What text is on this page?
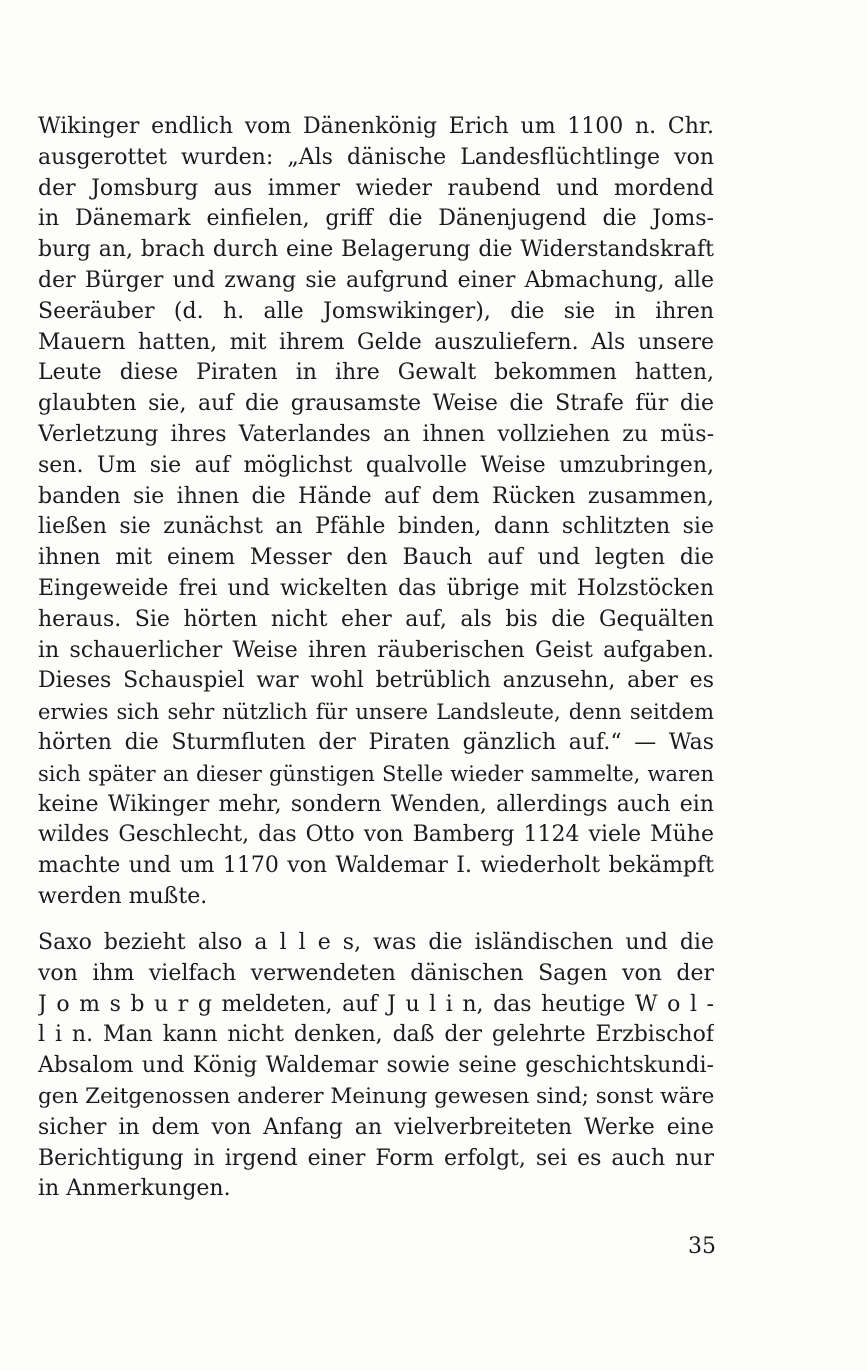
Wikinger endlich vom Dänenkönig Erich um 1100 n. Chr.
ausgerottet wurden: „Als dänische Landesflüchtlinge von
der Jomsburg aus immer wieder raubend und mordend
in Dänemark einfielen, griff die Dänenjugend die Joms-
burg an, brach durch eine Belagerung die Widerstandskraft
der Bürger und zwang sie aufgrund einer Abmachung, alle
Seeräuber (d. h. alle Jomswikinger), die sie in ihren
Mauern hatten, mit ihrem Gelde auszuliefern. Als unsere
Leute diese Piraten in ihre Gewalt bekommen hatten,
glaubten sie, auf die grausamste Weise die Strafe für die
Verletzung ihres Vaterlandes an ihnen vollziehen zu müs-
sen. Um sie auf möglichst qualvolle Weise umzubringen,
banden sie ihnen die Hände auf dem Rücken zusammen,
ließen sie zunächst an Pfähle binden, dann schlitzten sie
ihnen mit einem Messer den Bauch auf und legten die
Eingeweide frei und wickelten das übrige mit Holzstöcken
heraus. Sie hörten nicht eher auf, als bis die Gequälten
in schauerlicher Weise ihren räuberischen Geist aufgaben.
Dieses Schauspiel war wohl betrüblich anzusehn, aber es
erwies sich sehr nützlich für unsere Landsleute, denn seitdem
hörten die Sturmfluten der Piraten gänzlich auf.“ — Was
sich später an dieser günstigen Stelle wieder sammelte, waren
keine Wikinger mehr, sondern Wenden, allerdings auch ein
wildes Geschlecht, das Otto von Bamberg 1124 viele Mühe
machte und um 1170 von Waldemar I. wiederholt bekämpft
werden mußte.
Saxo bezieht also a l l e s, was die isländischen und die
von ihm vielfach verwendeten dänischen Sagen von der
J o m s b u r g meldeten, auf J u l i n, das heutige W o l -
l i n. Man kann nicht denken, daß der gelehrte Erzbischof
Absalom und König Waldemar sowie seine geschichtskundi-
gen Zeitgenossen anderer Meinung gewesen sind; sonst wäre
sicher in dem von Anfang an vielverbreiteten Werke eine
Berichtigung in irgend einer Form erfolgt, sei es auch nur
in Anmerkungen.
35
